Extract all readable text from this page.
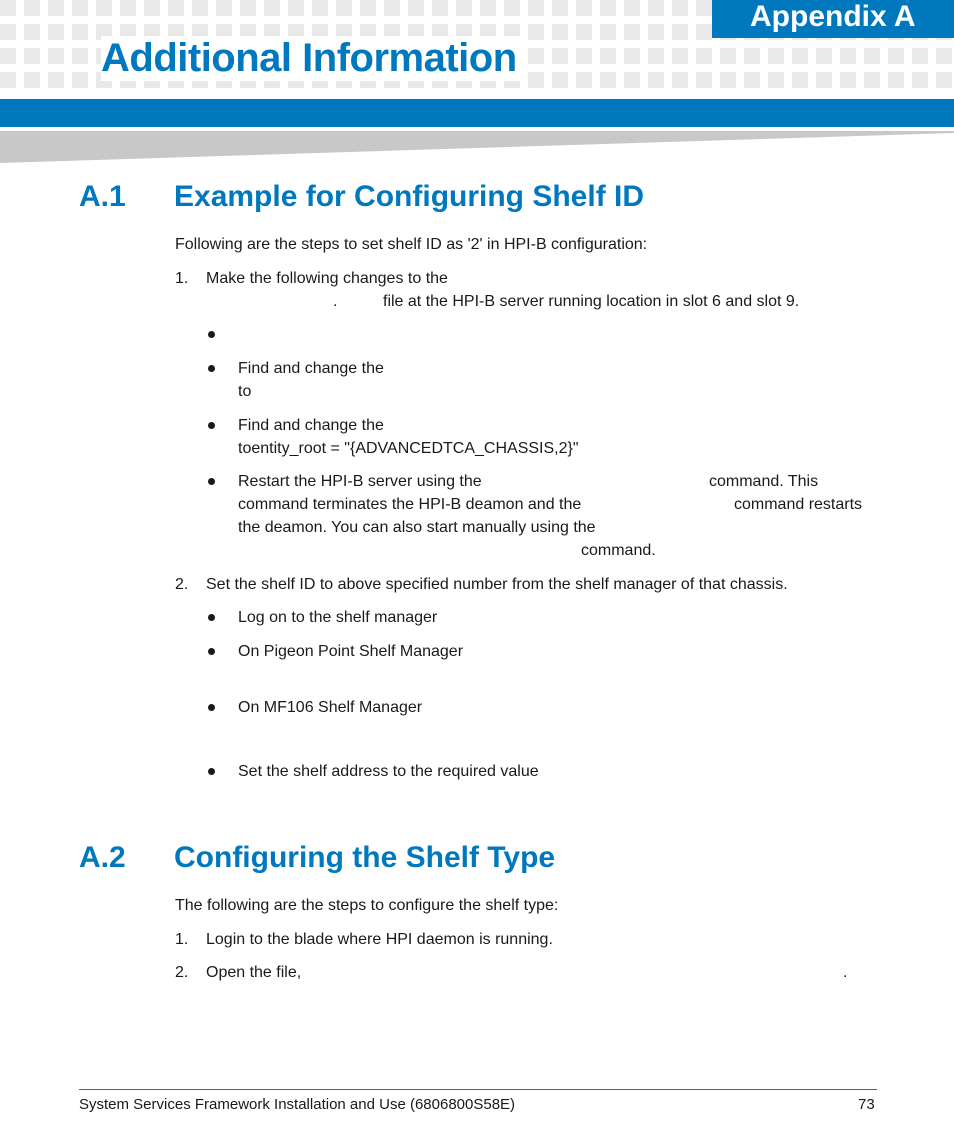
Appendix A
Additional Information
A.1 Example for Configuring Shelf ID
Following are the steps to set shelf ID as '2' in HPI-B configuration:
1. Make the following changes to the
.	file at the HPI-B server running location in slot 6 and slot 9.
Find and change the
to
Find and change the
toentity_root = "{ADVANCEDTCA_CHASSIS,2}"
Restart the HPI-B server using the	command. This
command terminates the HPI-B deamon and the	command restarts
the deamon. You can also start manually using the
command.
2. Set the shelf ID to above specified number from the shelf manager of that chassis.
Log on to the shelf manager
On Pigeon Point Shelf Manager
On MF106 Shelf Manager
Set the shelf address to the required value
A.2 Configuring the Shelf Type
The following are the steps to configure the shelf type:
1. Login to the blade where HPI daemon is running.
2. Open the file,	.
System Services Framework Installation and Use (6806800S58E)	73
